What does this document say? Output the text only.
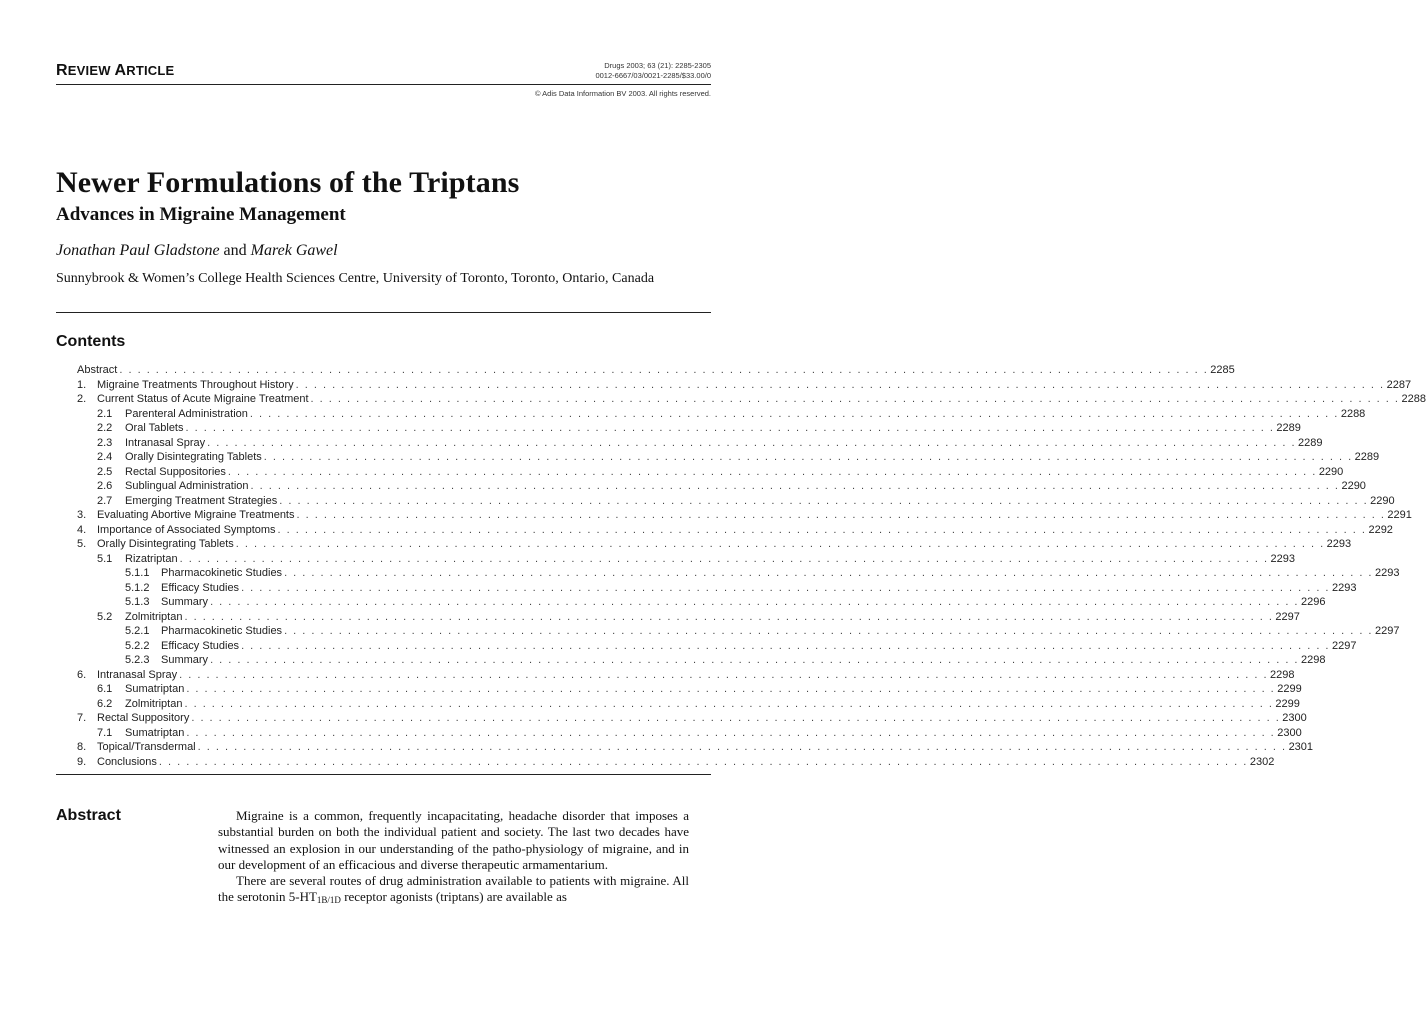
REVIEW ARTICLE	Drugs 2003; 63 (21): 2285-2305
0012-6667/03/0021-2285/$33.00/0
© Adis Data Information BV 2003. All rights reserved.
Newer Formulations of the Triptans
Advances in Migraine Management
Jonathan Paul Gladstone and Marek Gawel
Sunnybrook & Women’s College Health Sciences Centre, University of Toronto, Toronto, Ontario, Canada
Contents
Abstract . . . . . . . . . . . . . . . . . . . . . . . . . . . . . . . . . . . . . . . . . . . . . . . . . . . . . . . . . . . . . . . . . . . . . . . . . . . . . . . . . . . . . . . . . . . . . . . . . . . . . . . . . . . . . . . . . . . . . . . . 2285
1. Migraine Treatments Throughout History . . . . . . . . . . . . . . . . . . . . . . . . . . . . . . . . . . . . . . . . . . . . . . . . . . . . . . . . . . . . . . . . . . . . . . . . . . . . . . . . . . . . . . . . . . . . . . . . . . . . . . . . . . . . . . . . . . . . . . . . 2287
2. Current Status of Acute Migraine Treatment . . . . . . . . . . . . . . . . . . . . . . . . . . . . . . . . . . . . . . . . . . . . . . . . . . . . . . . . . . . . . . . . . . . . . . . . . . . . . . . . . . . . . . . . . . . . . . . . . . . . . . . . . . . . . . . . . . . . . . . . 2288
2.1	Parenteral Administration . . . . . . . . . . . . . . . . . . . . . . . . . . . . . . . . . . . . . . . . . . . . . . . . . . . . . . . . . . . . . . . . . . . . . . . . . . . . . . . . . . . . . . . . . . . . . . . . . . . . . . . . . . . . . . . . . . . . . . . . 2288
2.2	Oral Tablets . . . . . . . . . . . . . . . . . . . . . . . . . . . . . . . . . . . . . . . . . . . . . . . . . . . . . . . . . . . . . . . . . . . . . . . . . . . . . . . . . . . . . . . . . . . . . . . . . . . . . . . . . . . . . . . . . . . . . . . . 2289
2.3	Intranasal Spray . . . . . . . . . . . . . . . . . . . . . . . . . . . . . . . . . . . . . . . . . . . . . . . . . . . . . . . . . . . . . . . . . . . . . . . . . . . . . . . . . . . . . . . . . . . . . . . . . . . . . . . . . . . . . . . . . . . . . . . . 2289
2.4	Orally Disintegrating Tablets . . . . . . . . . . . . . . . . . . . . . . . . . . . . . . . . . . . . . . . . . . . . . . . . . . . . . . . . . . . . . . . . . . . . . . . . . . . . . . . . . . . . . . . . . . . . . . . . . . . . . . . . . . . . . . . . . . . . . . . . 2289
2.5	Rectal Suppositories . . . . . . . . . . . . . . . . . . . . . . . . . . . . . . . . . . . . . . . . . . . . . . . . . . . . . . . . . . . . . . . . . . . . . . . . . . . . . . . . . . . . . . . . . . . . . . . . . . . . . . . . . . . . . . . . . . . . . . . . 2290
2.6	Sublingual Administration . . . . . . . . . . . . . . . . . . . . . . . . . . . . . . . . . . . . . . . . . . . . . . . . . . . . . . . . . . . . . . . . . . . . . . . . . . . . . . . . . . . . . . . . . . . . . . . . . . . . . . . . . . . . . . . . . . . . . . . . 2290
2.7	Emerging Treatment Strategies . . . . . . . . . . . . . . . . . . . . . . . . . . . . . . . . . . . . . . . . . . . . . . . . . . . . . . . . . . . . . . . . . . . . . . . . . . . . . . . . . . . . . . . . . . . . . . . . . . . . . . . . . . . . . . . . . . . . . . . . 2290
3. Evaluating Abortive Migraine Treatments . . . . . . . . . . . . . . . . . . . . . . . . . . . . . . . . . . . . . . . . . . . . . . . . . . . . . . . . . . . . . . . . . . . . . . . . . . . . . . . . . . . . . . . . . . . . . . . . . . . . . . . . . . . . . . . . . . . . . . . . 2291
4. Importance of Associated Symptoms . . . . . . . . . . . . . . . . . . . . . . . . . . . . . . . . . . . . . . . . . . . . . . . . . . . . . . . . . . . . . . . . . . . . . . . . . . . . . . . . . . . . . . . . . . . . . . . . . . . . . . . . . . . . . . . . . . . . . . . . 2292
5. Orally Disintegrating Tablets . . . . . . . . . . . . . . . . . . . . . . . . . . . . . . . . . . . . . . . . . . . . . . . . . . . . . . . . . . . . . . . . . . . . . . . . . . . . . . . . . . . . . . . . . . . . . . . . . . . . . . . . . . . . . . . . . . . . . . . . 2293
5.1	Rizatriptan . . . . . . . . . . . . . . . . . . . . . . . . . . . . . . . . . . . . . . . . . . . . . . . . . . . . . . . . . . . . . . . . . . . . . . . . . . . . . . . . . . . . . . . . . . . . . . . . . . . . . . . . . . . . . . . . . . . . . . . . 2293
5.1.1	Pharmacokinetic Studies . . . . . . . . . . . . . . . . . . . . . . . . . . . . . . . . . . . . . . . . . . . . . . . . . . . . . . . . . . . . . . . . . . . . . . . . . . . . . . . . . . . . . . . . . . . . . . . . . . . . . . . . . . . . . . . . . . . . . . . . 2293
5.1.2	Efficacy Studies . . . . . . . . . . . . . . . . . . . . . . . . . . . . . . . . . . . . . . . . . . . . . . . . . . . . . . . . . . . . . . . . . . . . . . . . . . . . . . . . . . . . . . . . . . . . . . . . . . . . . . . . . . . . . . . . . . . . . . . . 2293
5.1.3	Summary . . . . . . . . . . . . . . . . . . . . . . . . . . . . . . . . . . . . . . . . . . . . . . . . . . . . . . . . . . . . . . . . . . . . . . . . . . . . . . . . . . . . . . . . . . . . . . . . . . . . . . . . . . . . . . . . . . . . . . . . 2296
5.2	Zolmitriptan . . . . . . . . . . . . . . . . . . . . . . . . . . . . . . . . . . . . . . . . . . . . . . . . . . . . . . . . . . . . . . . . . . . . . . . . . . . . . . . . . . . . . . . . . . . . . . . . . . . . . . . . . . . . . . . . . . . . . . . . 2297
5.2.1	Pharmacokinetic Studies . . . . . . . . . . . . . . . . . . . . . . . . . . . . . . . . . . . . . . . . . . . . . . . . . . . . . . . . . . . . . . . . . . . . . . . . . . . . . . . . . . . . . . . . . . . . . . . . . . . . . . . . . . . . . . . . . . . . . . . . 2297
5.2.2	Efficacy Studies . . . . . . . . . . . . . . . . . . . . . . . . . . . . . . . . . . . . . . . . . . . . . . . . . . . . . . . . . . . . . . . . . . . . . . . . . . . . . . . . . . . . . . . . . . . . . . . . . . . . . . . . . . . . . . . . . . . . . . . . 2297
5.2.3	Summary . . . . . . . . . . . . . . . . . . . . . . . . . . . . . . . . . . . . . . . . . . . . . . . . . . . . . . . . . . . . . . . . . . . . . . . . . . . . . . . . . . . . . . . . . . . . . . . . . . . . . . . . . . . . . . . . . . . . . . . . 2298
6. Intranasal Spray . . . . . . . . . . . . . . . . . . . . . . . . . . . . . . . . . . . . . . . . . . . . . . . . . . . . . . . . . . . . . . . . . . . . . . . . . . . . . . . . . . . . . . . . . . . . . . . . . . . . . . . . . . . . . . . . . . . . . . . . 2298
6.1	Sumatriptan . . . . . . . . . . . . . . . . . . . . . . . . . . . . . . . . . . . . . . . . . . . . . . . . . . . . . . . . . . . . . . . . . . . . . . . . . . . . . . . . . . . . . . . . . . . . . . . . . . . . . . . . . . . . . . . . . . . . . . . . 2299
6.2	Zolmitriptan . . . . . . . . . . . . . . . . . . . . . . . . . . . . . . . . . . . . . . . . . . . . . . . . . . . . . . . . . . . . . . . . . . . . . . . . . . . . . . . . . . . . . . . . . . . . . . . . . . . . . . . . . . . . . . . . . . . . . . . . 2299
7. Rectal Suppository . . . . . . . . . . . . . . . . . . . . . . . . . . . . . . . . . . . . . . . . . . . . . . . . . . . . . . . . . . . . . . . . . . . . . . . . . . . . . . . . . . . . . . . . . . . . . . . . . . . . . . . . . . . . . . . . . . . . . . . . 2300
7.1	Sumatriptan . . . . . . . . . . . . . . . . . . . . . . . . . . . . . . . . . . . . . . . . . . . . . . . . . . . . . . . . . . . . . . . . . . . . . . . . . . . . . . . . . . . . . . . . . . . . . . . . . . . . . . . . . . . . . . . . . . . . . . . . 2300
8. Topical/Transdermal . . . . . . . . . . . . . . . . . . . . . . . . . . . . . . . . . . . . . . . . . . . . . . . . . . . . . . . . . . . . . . . . . . . . . . . . . . . . . . . . . . . . . . . . . . . . . . . . . . . . . . . . . . . . . . . . . . . . . . . . 2301
9. Conclusions . . . . . . . . . . . . . . . . . . . . . . . . . . . . . . . . . . . . . . . . . . . . . . . . . . . . . . . . . . . . . . . . . . . . . . . . . . . . . . . . . . . . . . . . . . . . . . . . . . . . . . . . . . . . . . . . . . . . . . . . 2302
Abstract	Migraine is a common, frequently incapacitating, headache disorder that imposes a substantial burden on both the individual patient and society. The last two decades have witnessed an explosion in our understanding of the patho-physiology of migraine, and in our development of an efficacious and diverse therapeutic armamentarium.

There are several routes of drug administration available to patients with migraine. All the serotonin $5-HT_{1B/1D}$ receptor agonists (triptans) are available as
